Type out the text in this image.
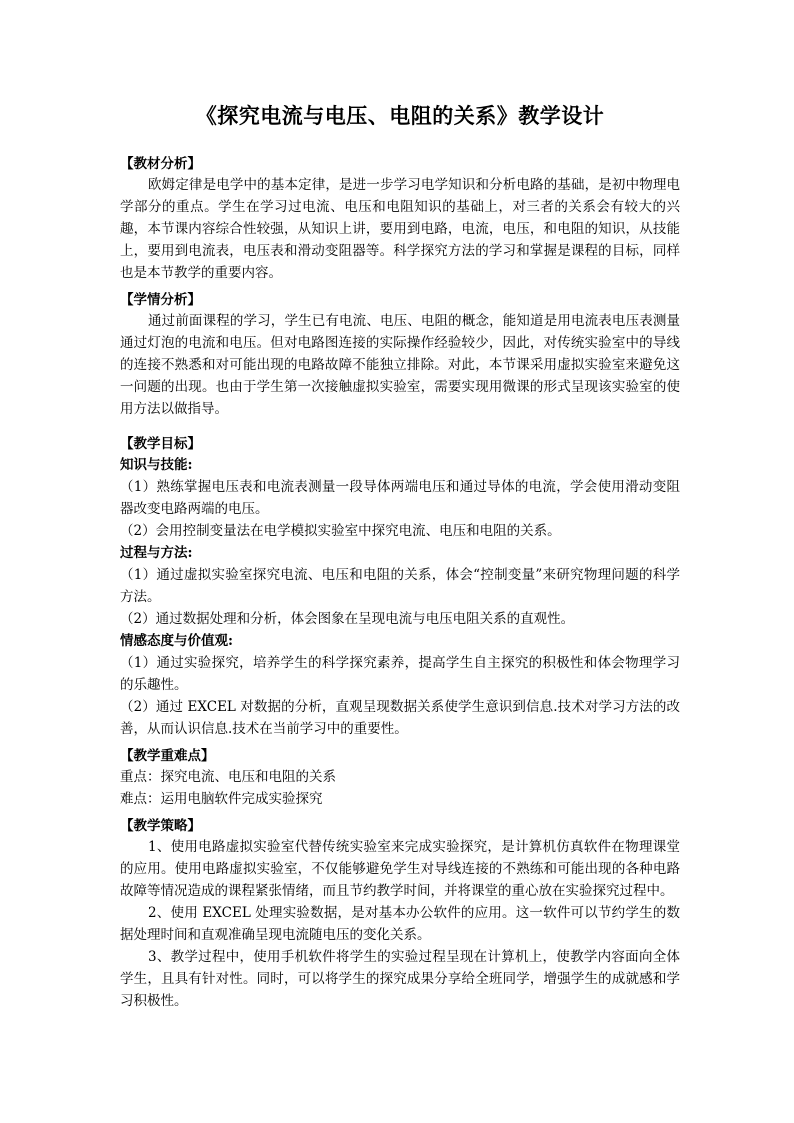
《探究电流与电压、电阻的关系》教学设计

【教材分析】

欧姆定律是电学中的基本定律，是进一步学习电学知识和分析电路的基础，是初中物理电学部分的重点。学生在学习过电流、电压和电阻知识的基础上，对三者的关系会有较大的兴趣，本节课内容综合性较强，从知识上讲，要用到电路，电流，电压，和电阻的知识，从技能上，要用到电流表，电压表和滑动变阻器等。科学探究方法的学习和掌握是课程的目标，同样也是本节教学的重要内容。

【学情分析】

通过前面课程的学习，学生已有电流、电压、电阻的概念，能知道是用电流表电压表测量通过灯泡的电流和电压。但对电路图连接的实际操作经验较少，因此，对传统实验室中的导线的连接不熟悉和对可能出现的电路故障不能独立排除。对此，本节课采用虚拟实验室来避免这一问题的出现。也由于学生第一次接触虚拟实验室，需要实现用微课的形式呈现该实验室的使用方法以做指导。

【教学目标】

知识与技能:

（1）熟练掌握电压表和电流表测量一段导体两端电压和通过导体的电流，学会使用滑动变阻器改变电路两端的电压。

（2）会用控制变量法在电学模拟实验室中探究电流、电压和电阻的关系。

过程与方法:

（1）通过虚拟实验室探究电流、电压和电阻的关系，体会“控制变量”来研究物理问题的科学方法。

（2）通过数据处理和分析，体会图象在呈现电流与电压电阻关系的直观性。

情感态度与价值观:

（1）通过实验探究，培养学生的科学探究素养，提高学生自主探究的积极性和体会物理学习的乐趣性。

（2）通过 EXCEL 对数据的分析，直观呈现数据关系使学生意识到信息.技术对学习方法的改善，从而认识信息.技术在当前学习中的重要性。

【教学重难点】

重点：探究电流、电压和电阻的关系

难点：运用电脑软件完成实验探究

【教学策略】

1、使用电路虚拟实验室代替传统实验室来完成实验探究，是计算机仿真软件在物理课堂的应用。使用电路虚拟实验室，不仅能够避免学生对导线连接的不熟练和可能出现的各种电路故障等情况造成的课程紧张情绪，而且节约教学时间，并将课堂的重心放在实验探究过程中。

2、使用 EXCEL 处理实验数据，是对基本办公软件的应用。这一软件可以节约学生的数据处理时间和直观准确呈现电流随电压的变化关系。

3、教学过程中，使用手机软件将学生的实验过程呈现在计算机上，使教学内容面向全体学生，且具有针对性。同时，可以将学生的探究成果分享给全班同学，增强学生的成就感和学习积极性。
